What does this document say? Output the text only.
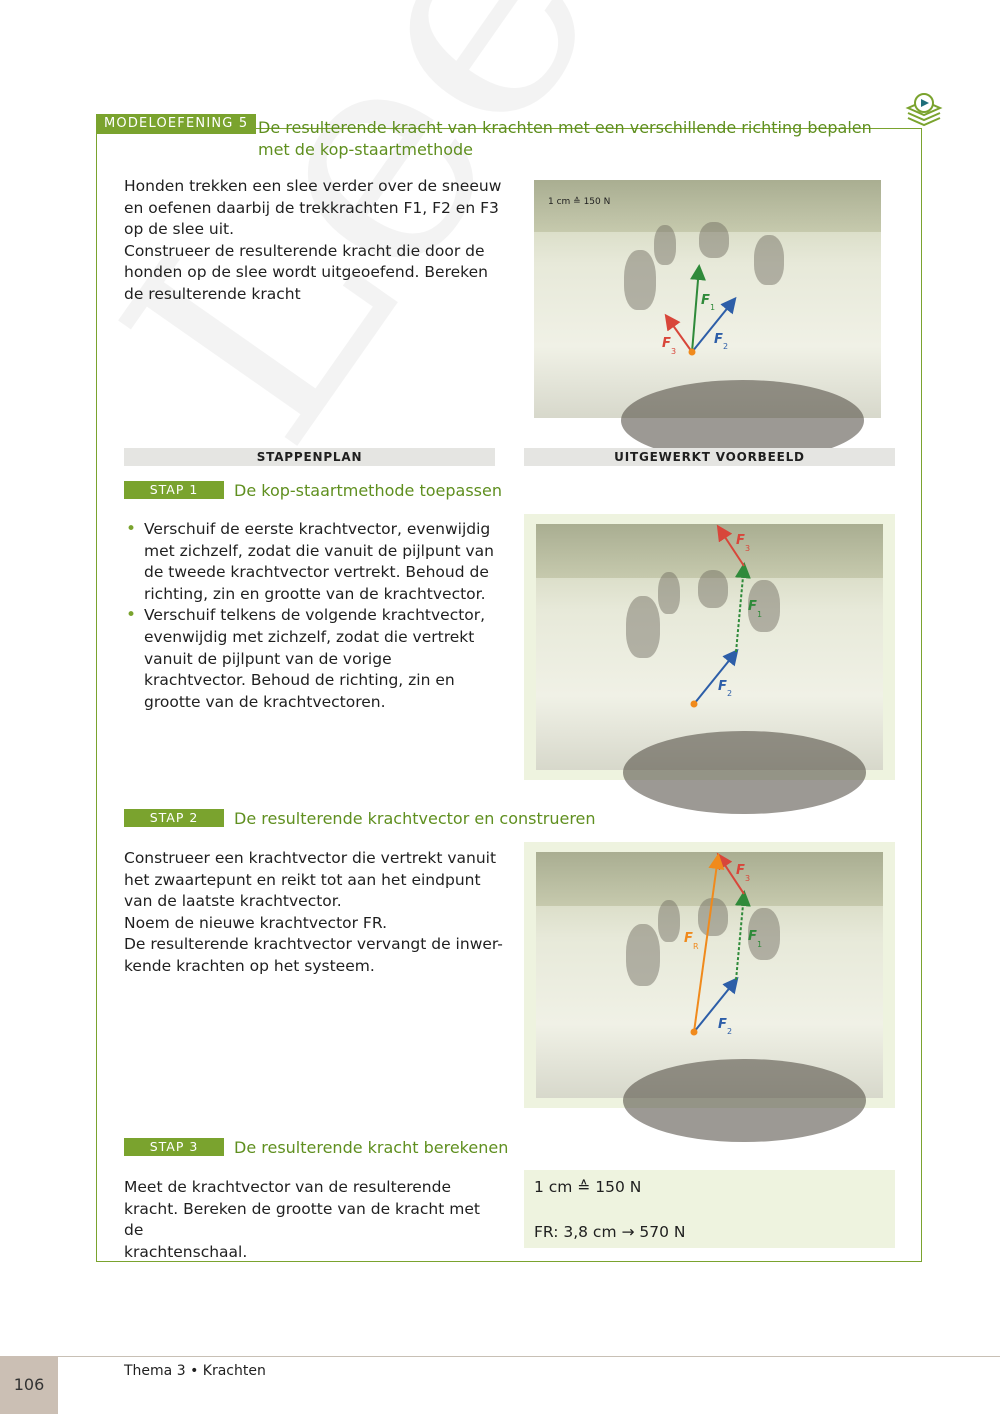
MODELOEFENING 5 De resulterende kracht van krachten met een verschillende richting bepalen met de kop-staartmethode
Honden trekken een slee verder over de sneeuw
en oefenen daarbij de trekkrachten F1, F2 en F3
op de slee uit.
Construeer de resulterende kracht die door de
honden op de slee wordt uitgeoefend. Bereken
de resulterende kracht	F 1
F 2
F
3
1 cm ≙ 150 N
STAPPENPLAN	UITGEWERKT VOORBEELD
STAP 1	De kop-staartmethode toepassen
• Verschuif de eerste krachtvector, evenwijdig met zichzelf, zodat die vanuit de pijlpunt van de tweede krachtvector vertrekt. Behoud de richting, zin en grootte van de krachtvector.
• Verschuif telkens de volgende krachtvector, evenwijdig met zichzelf, zodat die vertrekt vanuit de pijlpunt van de vorige krachtvector. Behoud de richting, zin en grootte van de krachtvectoren.
F 2
F
1
F
3
STAP 2	De resulterende krachtvector en construeren
Construeer een krachtvector die vertrekt vanuit
het zwaartepunt en reikt tot aan het eindpunt
van de laatste krachtvector.
Noem de nieuwe krachtvector FR.
De resulterende krachtvector vervangt de inwer-
kende krachten op het systeem.
F 2
F
1
F
3
F
R
STAP 3	De resulterende kracht berekenen
Meet de krachtvector van de resulterende
kracht. Bereken de grootte van de kracht met de
krachtenschaal.
1 cm ≙ 150 N
FR: 3,8 cm → 570 N
106
Thema 3 • Krachten
